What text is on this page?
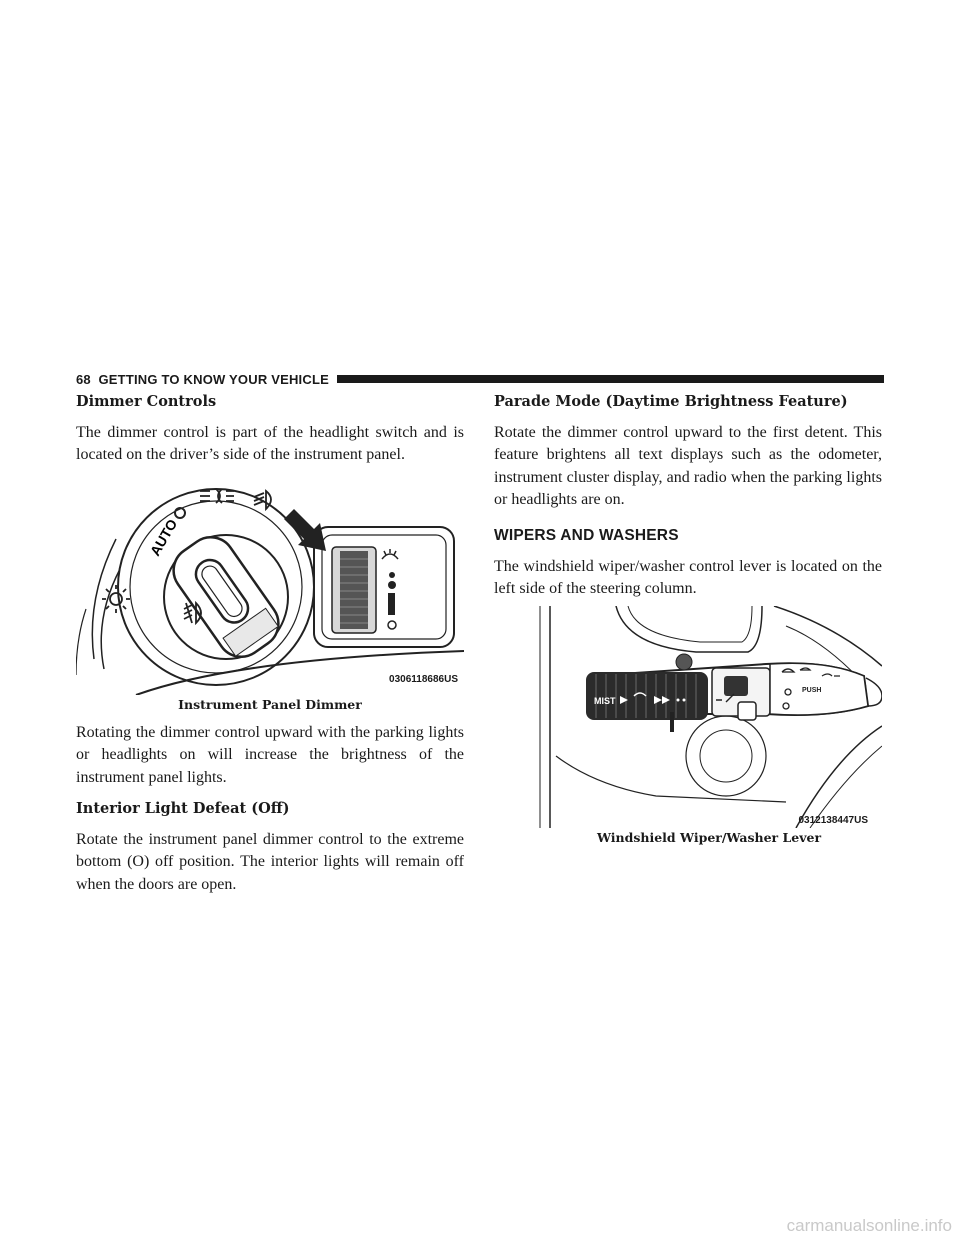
68 GETTING TO KNOW YOUR VEHICLE
Dimmer Controls

The dimmer control is part of the headlight switch and is located on the driver’s side of the instrument panel.

AUTO
0306118686US
Instrument Panel Dimmer

Rotating the dimmer control upward with the parking lights or headlights on will increase the brightness of the instrument panel lights.

Interior Light Defeat (Off)

Rotate the instrument panel dimmer control to the extreme bottom (O) off position. The interior lights will remain off when the doors are open.

Parade Mode (Daytime Brightness Feature)

Rotate the dimmer control upward to the first detent. This feature brightens all text displays such as the odometer, instrument cluster display, and radio when the parking lights or headlights are on.

WIPERS AND WASHERS

The windshield wiper/washer control lever is located on the left side of the steering column.

MIST
PUSH
0312138447US
Windshield Wiper/Washer Lever
carmanualsonline.info
